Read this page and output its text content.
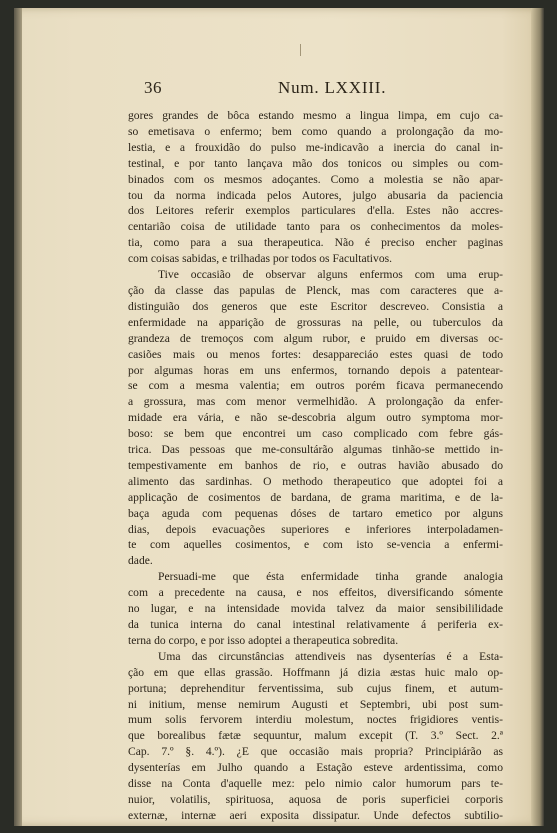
36	Num. LXXIII.
gores grandes de bôca estando mesmo a lingua limpa, em cujo ca-
so emetisava o enfermo; bem como quando a prolongação da mo-
lestia, e a frouxidão do pulso me-indicavão a inercia do canal in-
testinal, e por tanto lançava mão dos tonicos ou simples ou com-
binados com os mesmos adoçantes. Como a molestia se não apar-
tou da norma indicada pelos Autores, julgo abusaria da paciencia
dos Leitores referir exemplos particulares d'ella. Estes não accres-
centarião coisa de utilidade tanto para os conhecimentos da moles-
tia, como para a sua therapeutica. Não é preciso encher paginas
com coisas sabidas, e trilhadas por todos os Facultativos.
Tive occasião de observar alguns enfermos com uma erup-
ção da classe das papulas de Plenck, mas com caracteres que a-
distinguião dos generos que este Escritor descreveo. Consistia a
enfermidade na apparição de grossuras na pelle, ou tuberculos da
grandeza de tremoços com algum rubor, e pruido em diversas oc-
casiões mais ou menos fortes: desappareciáo estes quasi de todo
por algumas horas em uns enfermos, tornando depois a patentear-
se com a mesma valentia; em outros porém ficava permanecendo
a grossura, mas com menor vermelhidão. A prolongação da enfer-
midade era vária, e não se-descobria algum outro symptoma mor-
boso: se bem que encontrei um caso complicado com febre gás-
trica. Das pessoas que me-consultárão algumas tinhão-se mettido in-
tempestivamente em banhos de rio, e outras havião abusado do
alimento das sardinhas. O methodo therapeutico que adoptei foi a
applicação de cosimentos de bardana, de grama maritima, e de la-
baça aguda com pequenas dóses de tartaro emetico por alguns
dias, depois evacuações superiores e inferiores interpoladamen-
te com aquelles cosimentos, e com isto se-vencia a enfermi-
dade.
Persuadi-me que ésta enfermidade tinha grande analogia
com a precedente na causa, e nos effeitos, diversificando sómente
no lugar, e na intensidade movida talvez da maior sensibililidade
da tunica interna do canal intestinal relativamente á periferia ex-
terna do corpo, e por isso adoptei a therapeutica sobredita.
Uma das circunstâncias attendiveis nas dysenterías é a Esta-
ção em que ellas grassão. Hoffmann já dizia æstas huic malo op-
portuna; deprehenditur ferventissima, sub cujus finem, et autum-
ni initium, mense nemirum Augusti et Septembri, ubi post sum-
mum solis fervorem interdiu molestum, noctes frigidiores ventis-
que borealibus fætæ sequuntur, malum excepit (T. 3.º Sect. 2.ª
Cap. 7.º §. 4.º). ¿E que occasião mais propria? Principiárão as
dysenterías em Julho quando a Estação esteve ardentissima, como
disse na Conta d'aquelle mez: pelo nimio calor humorum pars te-
nuior, volatilis, spirituosa, aquosa de poris superficiei corporis
externæ, internæ aeri exposita dissipatur. Unde defectos subtilio-
